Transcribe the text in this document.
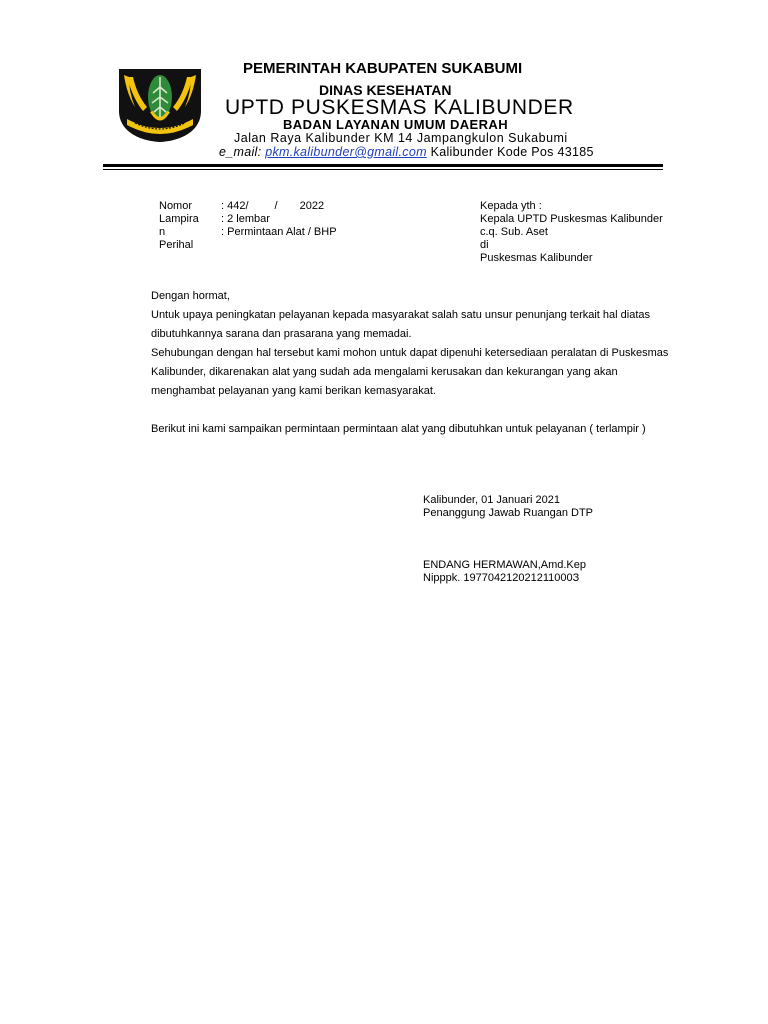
PEMERINTAH KABUPATEN SUKABUMI
DINAS KESEHATAN
UPTD PUSKESMAS KALIBUNDER
BADAN LAYANAN UMUM DAERAH
Jalan Raya Kalibunder KM 14 Jampangkulon Sukabumi
e_mail: pkm.kalibunder@gmail.com Kalibunder Kode Pos 43185
Nomor
Lampira
n
Perihal
: 442/ / 2022
: 2 lembar
: Permintaan Alat / BHP
Kepada yth :
Kepala UPTD Puskesmas Kalibunder
c.q. Sub. Aset
di
Puskesmas Kalibunder
Dengan hormat,
Untuk upaya peningkatan pelayanan kepada masyarakat salah satu unsur penunjang terkait hal diatas
dibutuhkannya sarana dan prasarana yang memadai.
Sehubungan dengan hal tersebut kami mohon untuk dapat dipenuhi ketersediaan peralatan di Puskesmas
Kalibunder, dikarenakan alat yang sudah ada mengalami kerusakan dan kekurangan yang akan
menghambat pelayanan yang kami berikan kemasyarakat.
Berikut ini kami sampaikan permintaan permintaan alat yang dibutuhkan untuk pelayanan ( terlampir )
Kalibunder, 01 Januari 2021
Penanggung Jawab Ruangan DTP
ENDANG HERMAWAN,Amd.Kep
Nipppk. 197704212021211000З
